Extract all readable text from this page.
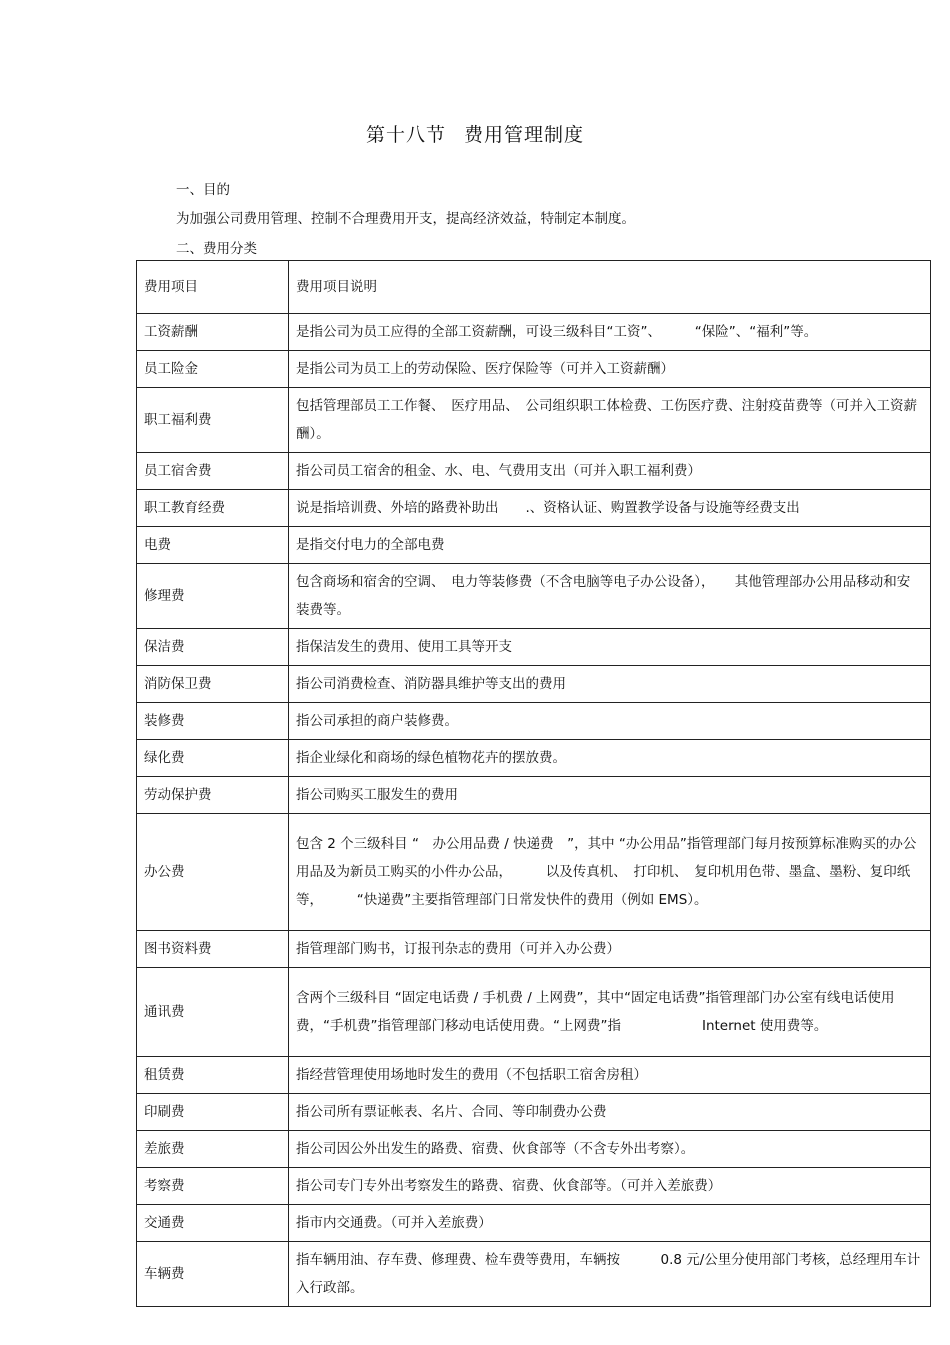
第十八节 费用管理制度

一、目的

为加强公司费用管理、控制不合理费用开支，提高经济效益，特制定本制度。

二、费用分类

费用项目	费用项目说明
工资薪酬	是指公司为员工应得的全部工资薪酬，可设三级科目“工资”、　　　“保险”、“福利”等。
员工险金	是指公司为员工上的劳动保险、医疗保险等（可并入工资薪酬）
职工福利费	包括管理部员工工作餐、　医疗用品、　公司组织职工体检费、工伤医疗费、注射疫苗费等（可并入工资薪酬）。
员工宿舍费	指公司员工宿舍的租金、水、电、气费用支出（可并入职工福利费）
职工教育经费	说是指培训费、外培的路费补助出　　.、资格认证、购置教学设备与设施等经费支出
电费	是指交付电力的全部电费
修理费	包含商场和宿舍的空调、　电力等装修费（不含电脑等电子办公设备），　　其他管理部办公用品移动和安装费等。
保洁费	指保洁发生的费用、使用工具等开支
消防保卫费	指公司消费检查、消防器具维护等支出的费用
装修费	指公司承担的商户装修费。
绿化费	指企业绿化和商场的绿色植物花卉的摆放费。
劳动保护费	指公司购买工服发生的费用
办公费	包含 2 个三级科目 “　办公用品费 / 快递费　”，其中 “办公用品”指管理部门每月按预算标准购买的办公用品及为新员工购买的小件办公品，　　　以及传真机、　打印机、　复印机用色带、墨盒、墨粉、复印纸等，　　　“快递费”主要指管理部门日常发快件的费用（例如 EMS）。
图书资料费	指管理部门购书，订报刊杂志的费用（可并入办公费）
通讯费	含两个三级科目 “固定电话费 / 手机费 / 上网费”，其中“固定电话费”指管理部门办公室有线电话使用费，“手机费”指管理部门移动电话使用费。“上网费”指　　　　　　Internet 使用费等。
租赁费	指经营管理使用场地时发生的费用（不包括职工宿舍房租）
印刷费	指公司所有票证帐表、名片、合同、等印制费办公费
差旅费	指公司因公外出发生的路费、宿费、伙食部等（不含专外出考察）。
考察费	指公司专门专外出考察发生的路费、宿费、伙食部等。（可并入差旅费）
交通费	指市内交通费。（可并入差旅费）
车辆费	指车辆用油、存车费、修理费、检车费等费用，车辆按　　　0.8 元/公里分使用部门考核，总经理用车计入行政部。
